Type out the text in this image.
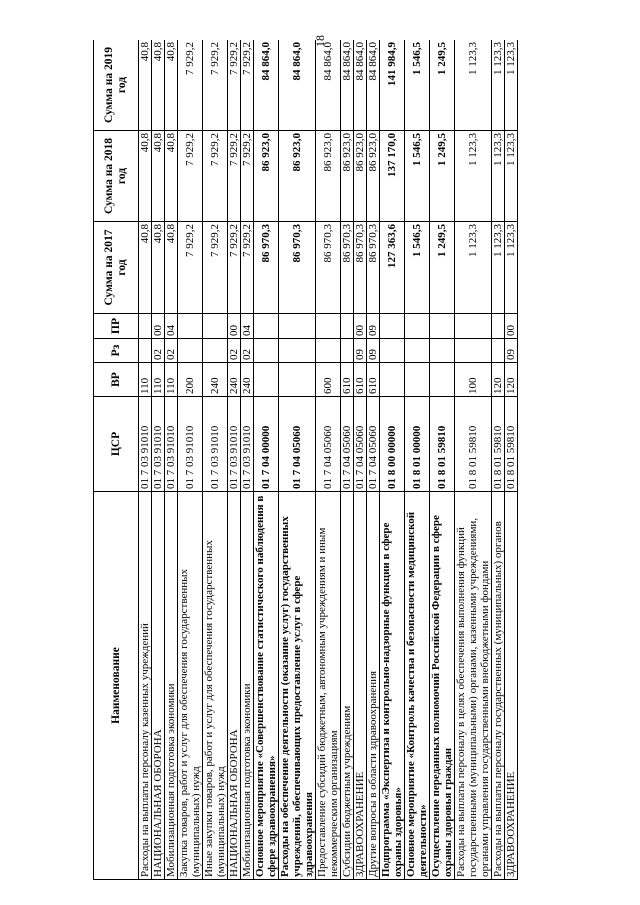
18
Наименование	ЦСР	ВР	Рз	ПР	Сумма на 2017 год	Сумма на 2018 год	Сумма на 2019 год
Расходы на выплаты персоналу казенных учреждений	01 7 03 91010	110			40,8	40,8	40,8
НАЦИОНАЛЬНАЯ ОБОРОНА	01 7 03 91010	110	02	00	40,8	40,8	40,8
Мобилизационная подготовка экономики	01 7 03 91010	110	02	04	40,8	40,8	40,8
Закупка товаров, работ и услуг для обеспечения государственных (муниципальных) нужд	01 7 03 91010	200			7 929,2	7 929,2	7 929,2
Иные закупки товаров, работ и услуг для обеспечения государственных (муниципальных) нужд	01 7 03 91010	240			7 929,2	7 929,2	7 929,2
НАЦИОНАЛЬНАЯ ОБОРОНА	01 7 03 91010	240	02	00	7 929,2	7 929,2	7 929,2
Мобилизационная подготовка экономики	01 7 03 91010	240	02	04	7 929,2	7 929,2	7 929,2
Основное мероприятие «Совершенствование статистического наблюдения в сфере здравоохранения»	01 7 04 00000				86 970,3	86 923,0	84 864,0
Расходы на обеспечение деятельности (оказание услуг) государственных учреждений, обеспечивающих предоставление услуг в сфере здравоохранения	01 7 04 05060				86 970,3	86 923,0	84 864,0
Предоставление субсидий бюджетным, автономным учреждениям и иным некоммерческим организациям	01 7 04 05060	600			86 970,3	86 923,0	84 864,0
Субсидии бюджетным учреждениям	01 7 04 05060	610			86 970,3	86 923,0	84 864,0
ЗДРАВООХРАНЕНИЕ	01 7 04 05060	610	09	00	86 970,3	86 923,0	84 864,0
Другие вопросы в области здравоохранения	01 7 04 05060	610	09	09	86 970,3	86 923,0	84 864,0
Подпрограмма «Экспертиза и контрольно-надзорные функции в сфере охраны здоровья»	01 8 00 00000				127 363,6	137 170,0	141 984,9
Основное мероприятие «Контроль качества и безопасности медицинской деятельности»	01 8 01 00000				1 546,5	1 546,5	1 546,5
Осуществление переданных полномочий Российской Федерации в сфере охраны здоровья граждан	01 8 01 59810				1 249,5	1 249,5	1 249,5
Расходы на выплаты персоналу в целях обеспечения выполнения функций государственными (муниципальными) органами, казенными учреждениями, органами управления государственными внебюджетными фондами	01 8 01 59810	100			1 123,3	1 123,3	1 123,3
Расходы на выплаты персоналу государственных (муниципальных) органов	01 8 01 59810	120			1 123,3	1 123,3	1 123,3
ЗДРАВООХРАНЕНИЕ	01 8 01 59810	120	09	00	1 123,3	1 123,3	1 123,3
